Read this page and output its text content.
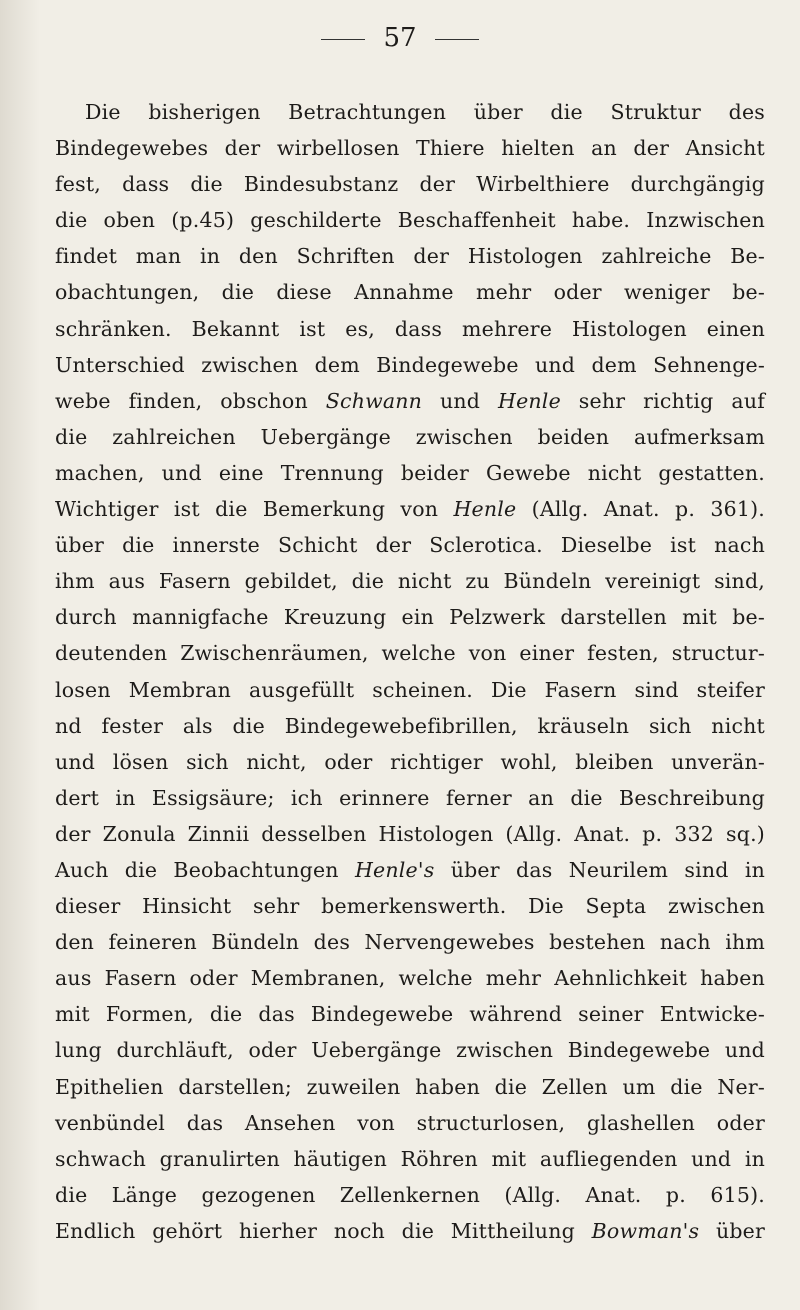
57
Die bisherigen Betrachtungen über die Struktur des
Bindegewebes der wirbellosen Thiere hielten an der Ansicht
fest, dass die Bindesubstanz der Wirbelthiere durchgängig
die oben (p.45) geschilderte Beschaffenheit habe. Inzwischen
findet man in den Schriften der Histologen zahlreiche Be-
obachtungen, die diese Annahme mehr oder weniger be-
schränken. Bekannt ist es, dass mehrere Histologen einen
Unterschied zwischen dem Bindegewebe und dem Sehnenge-
webe finden, obschon Schwann und Henle sehr richtig auf
die zahlreichen Uebergänge zwischen beiden aufmerksam
machen, und eine Trennung beider Gewebe nicht gestatten.
Wichtiger ist die Bemerkung von Henle (Allg. Anat. p. 361).
über die innerste Schicht der Sclerotica. Dieselbe ist nach
ihm aus Fasern gebildet, die nicht zu Bündeln vereinigt sind,
durch mannigfache Kreuzung ein Pelzwerk darstellen mit be-
deutenden Zwischenräumen, welche von einer festen, structur-
losen Membran ausgefüllt scheinen. Die Fasern sind steifer
nd fester als die Bindegewebefibrillen, kräuseln sich nicht
und lösen sich nicht, oder richtiger wohl, bleiben unverän-
dert in Essigsäure; ich erinnere ferner an die Beschreibung
der Zonula Zinnii desselben Histologen (Allg. Anat. p. 332 sq.)
Auch die Beobachtungen Henle's über das Neurilem sind in
dieser Hinsicht sehr bemerkenswerth. Die Septa zwischen
den feineren Bündeln des Nervengewebes bestehen nach ihm
aus Fasern oder Membranen, welche mehr Aehnlichkeit haben
mit Formen, die das Bindegewebe während seiner Entwicke-
lung durchläuft, oder Uebergänge zwischen Bindegewebe und
Epithelien darstellen; zuweilen haben die Zellen um die Ner-
venbündel das Ansehen von structurlosen, glashellen oder
schwach granulirten häutigen Röhren mit aufliegenden und in
die Länge gezogenen Zellenkernen (Allg. Anat. p. 615).
Endlich gehört hierher noch die Mittheilung Bowman's über
